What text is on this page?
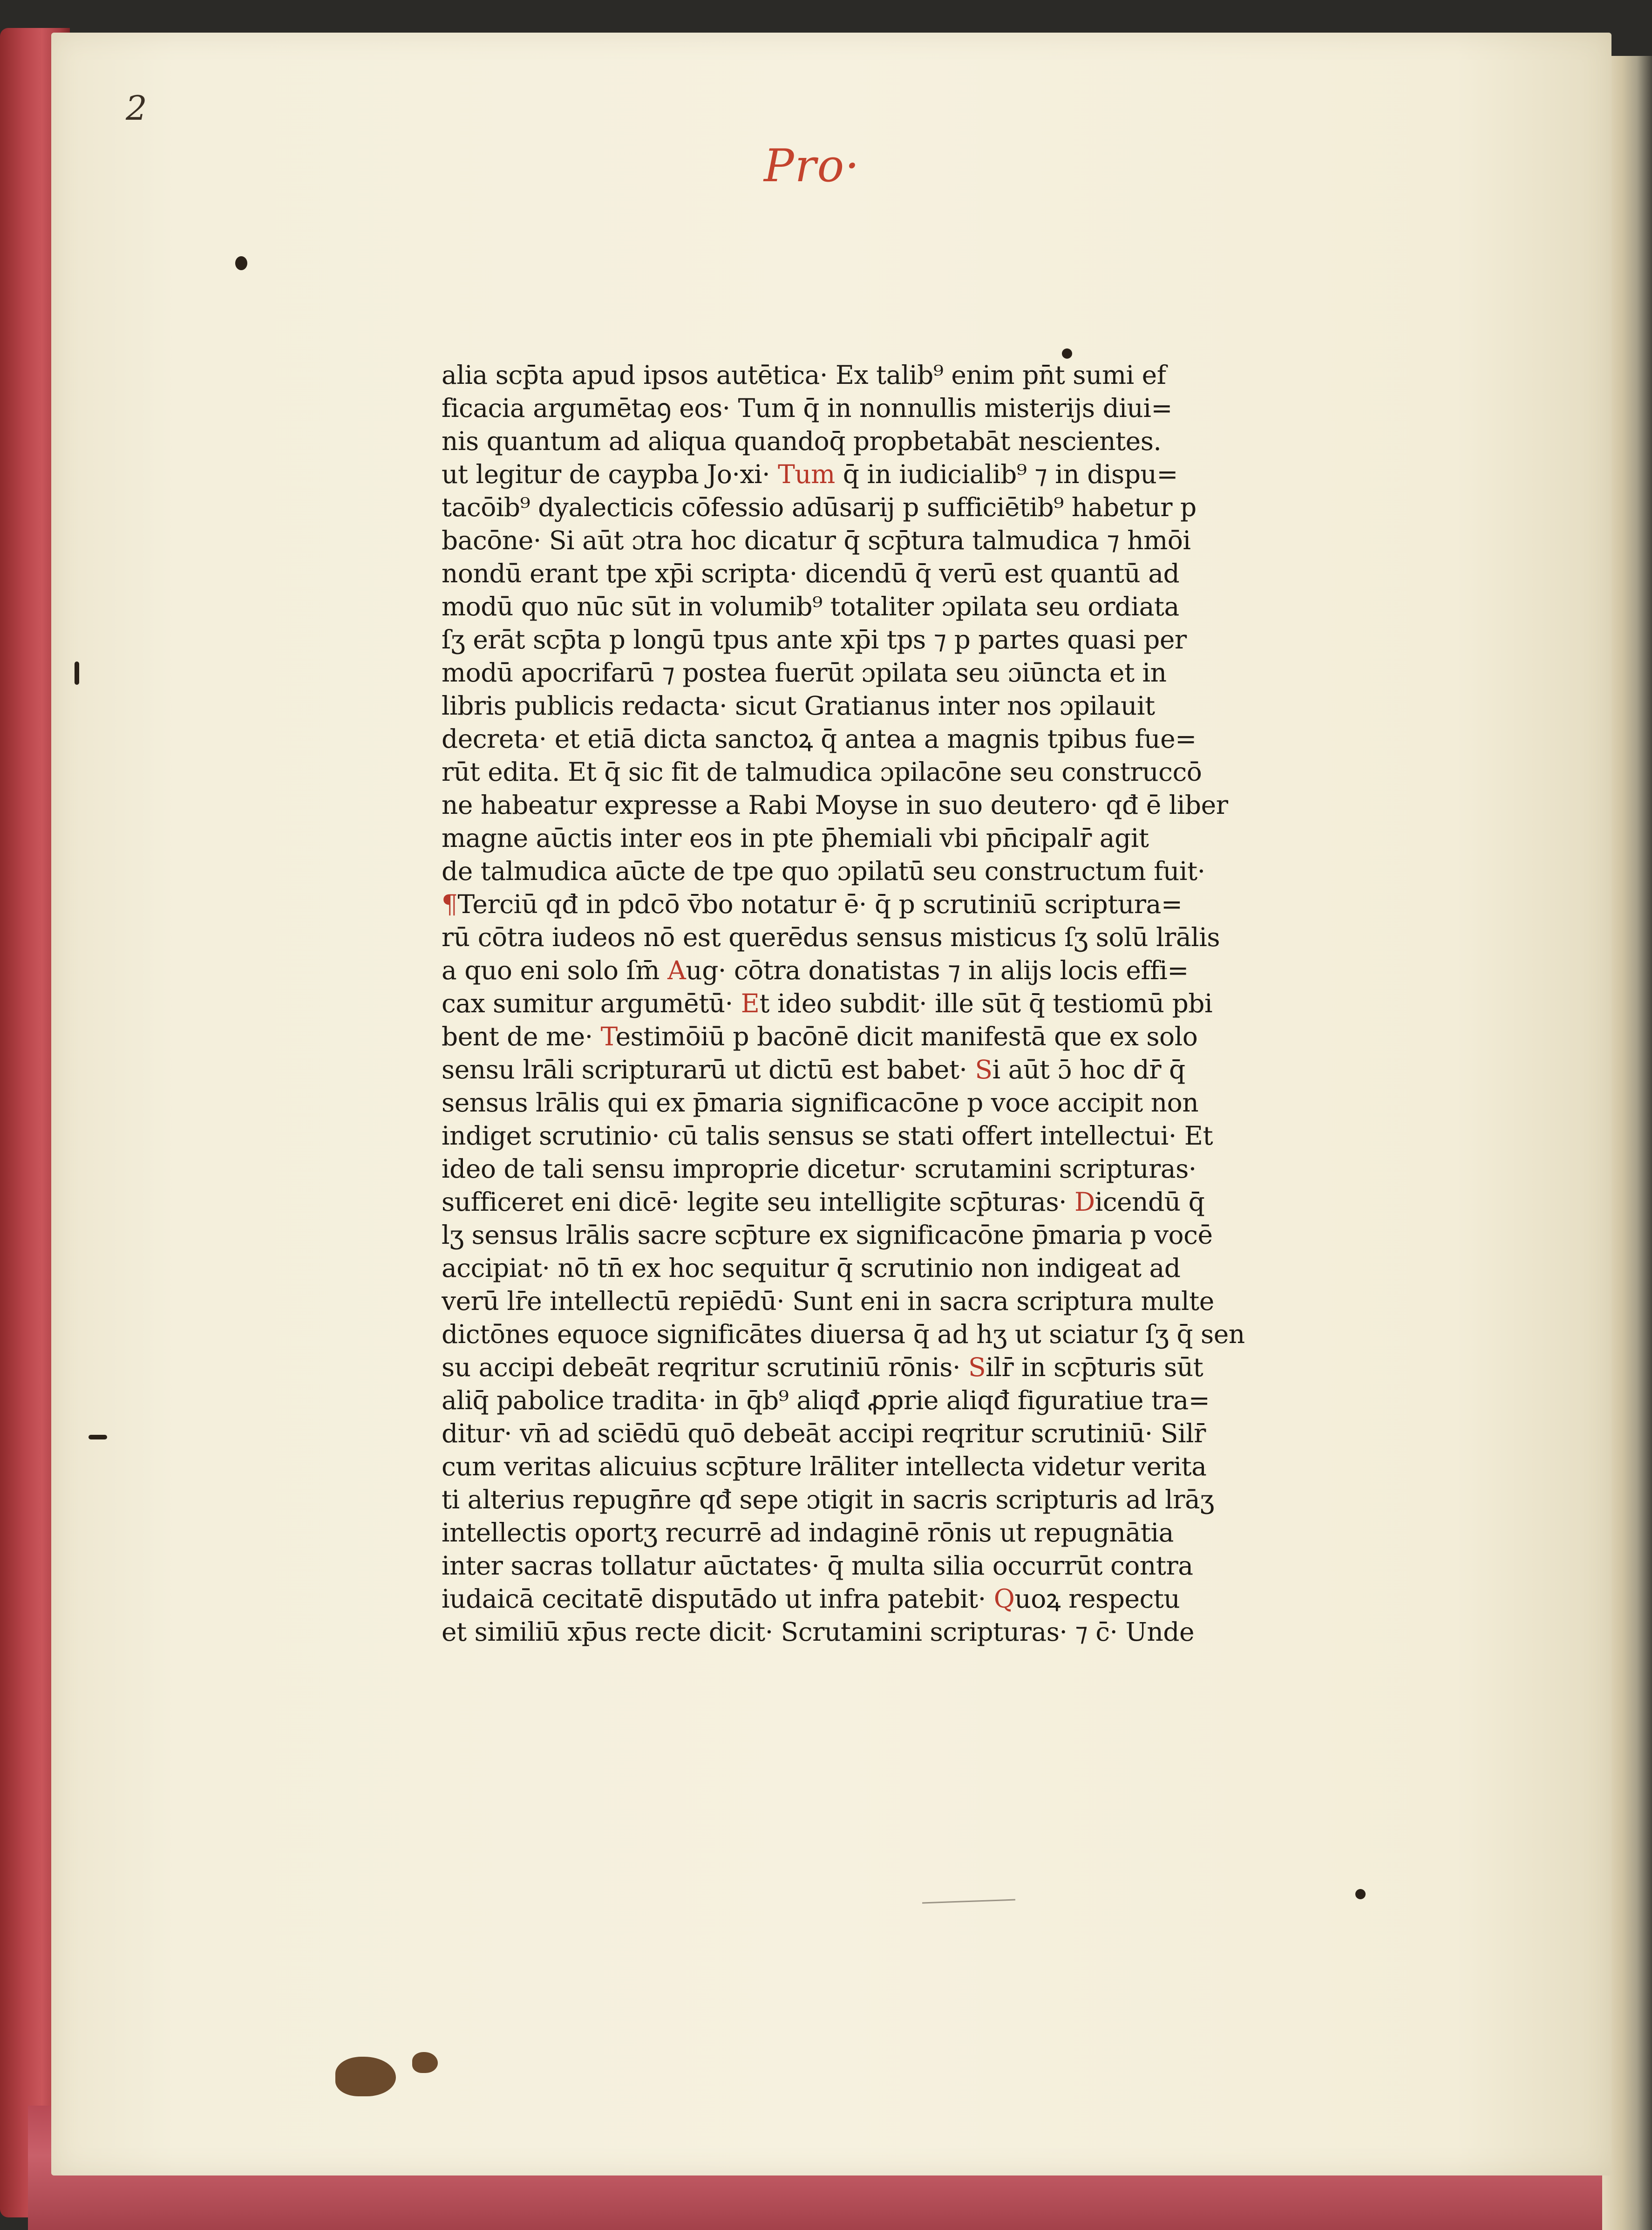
2
Pro·
alia scp̄ta apud ipsos autētica· Ex talib⁹ enim pn̄t sumi ef
ficacia argumētaꝯ eos· Tum q̄ in nonnullis misterijs diui=
nis quantum ad aliqua quandoq̄ propbetabāt nescientes.
ut legitur de caypba Jo·xi· Tum q̄ in iudicialib⁹ ⁊ in dispu=
tacōib⁹ dyalecticis cōfessio adūsarij p sufficiētib⁹ habetur p
bacōne· Si aūt ɔtra hoc dicatur q̄ scp̄tura talmudica ⁊ hmōi
nondū erant tpe xp̄i scripta· dicendū q̄ verū est quantū ad
modū quo nūc sūt in volumib⁹ totaliter ɔpilata seu ordiata
ſʒ erāt scp̄ta p longū tpus ante xp̄i tps ⁊ p partes quasi per
modū apocrifarū ⁊ postea fuerūt ɔpilata seu ɔiūncta et in
libris publicis redacta· sicut Gratianus inter nos ɔpilauit
decreta· et etiā dicta sanctoꝝ q̄ antea a magnis tpibus fue=
rūt edita. Et q̄ sic fit de talmudica ɔpilacōne seu construccō
ne habeatur expresse a Rabi Moyse in suo deutero· qđ ē liber
magne aūctis inter eos in pte p̄hemiali vbi pn̄cipalr̄ agit
de talmudica aūcte de tpe quo ɔpilatū seu constructum fuit·
¶Terciū qđ in pdcō v̄bo notatur ē· q̄ p scrutiniū scriptura=
rū cōtra iudeos nō est querēdus sensus misticus ſʒ solū lrālis
a quo eni solo ſm̄ Aug· cōtra donatistas ⁊ in alijs locis effi=
cax sumitur argumētū· Et ideo subdit· ille sūt q̄ testiomū pbi
bent de me· Testimōiū p bacōnē dicit manifestā que ex solo
sensu lrāli scripturarū ut dictū est babet· Si aūt ɔ̄ hoc dr̄ q̄
sensus lrālis qui ex p̄maria significacōne p voce accipit non
indiget scrutinio· cū talis sensus se stati offert intellectui· Et
ideo de tali sensu improprie dicetur· scrutamini scripturas·
sufficeret eni dicē· legite seu intelligite scp̄turas· Dicendū q̄
lʒ sensus lrālis sacre scp̄ture ex significacōne p̄maria p vocē
accipiat· nō tn̄ ex hoc sequitur q̄ scrutinio non indigeat ad
verū lr̄e intellectū repiēdū· Sunt eni in sacra scriptura multe
dictōnes equoce significātes diuersa q̄ ad hʒ ut sciatur ſʒ q̄ sen
su accipi debeāt reqritur scrutiniū rōnis· Silr̄ in scp̄turis sūt
aliq̄ pabolice tradita· in q̄b⁹ aliqđ ꝓprie aliqđ figuratiue tra=
ditur· vn̄ ad sciēdū quō debeāt accipi reqritur scrutiniū· Silr̄
cum veritas alicuius scp̄ture lrāliter intellecta videtur verita
ti alterius repugn̄re qđ sepe ɔtigit in sacris scripturis ad lrāʒ
intellectis oportʒ recurrē ad indaginē rōnis ut repugnātia
inter sacras tollatur aūctates· q̄ multa silia occurrūt contra
iudaicā cecitatē disputādo ut infra patebit· Quoꝝ respectu
et similiū xp̄us recte dicit· Scrutamini scripturas· ⁊ c̄· Unde
